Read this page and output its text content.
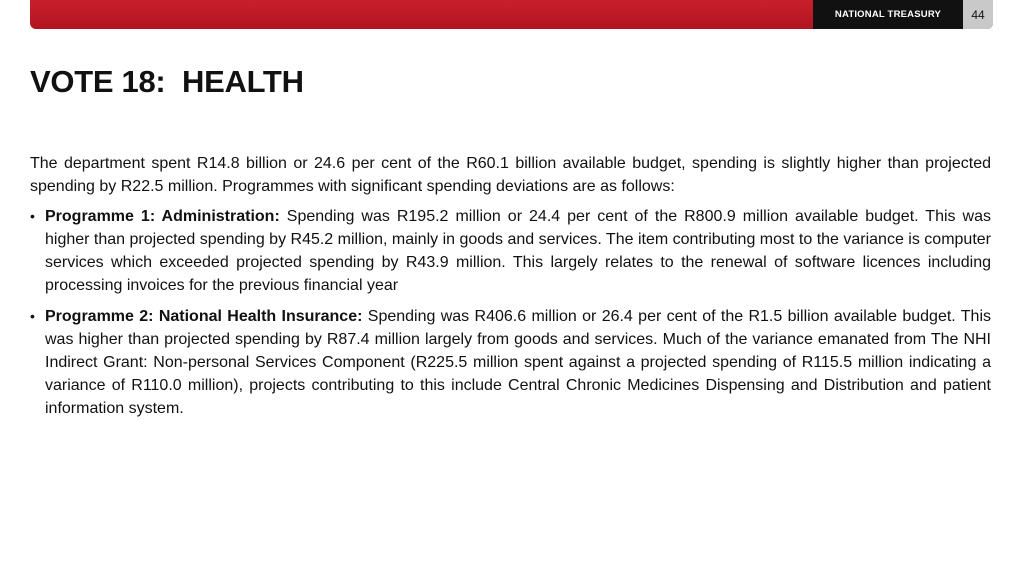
NATIONAL TREASURY	44
VOTE 18:  HEALTH

The department spent R14.8 billion or 24.6 per cent of the R60.1 billion available budget, spending is slightly higher than projected spending by R22.5 million. Programmes with significant spending deviations are as follows:

• Programme 1: Administration: Spending was R195.2 million or 24.4 per cent of the R800.9 million available budget. This was higher than projected spending by R45.2 million, mainly in goods and services. The item contributing most to the variance is computer services which exceeded projected spending by R43.9 million. This largely relates to the renewal of software licences including processing invoices for the previous financial year
• Programme 2: National Health Insurance: Spending was R406.6 million or 26.4 per cent of the R1.5 billion available budget. This was higher than projected spending by R87.4 million largely from goods and services. Much of the variance emanated from The NHI Indirect Grant: Non-personal Services Component (R225.5 million spent against a projected spending of R115.5 million indicating a variance of R110.0 million), projects contributing to this include Central Chronic Medicines Dispensing and Distribution and patient information system.
